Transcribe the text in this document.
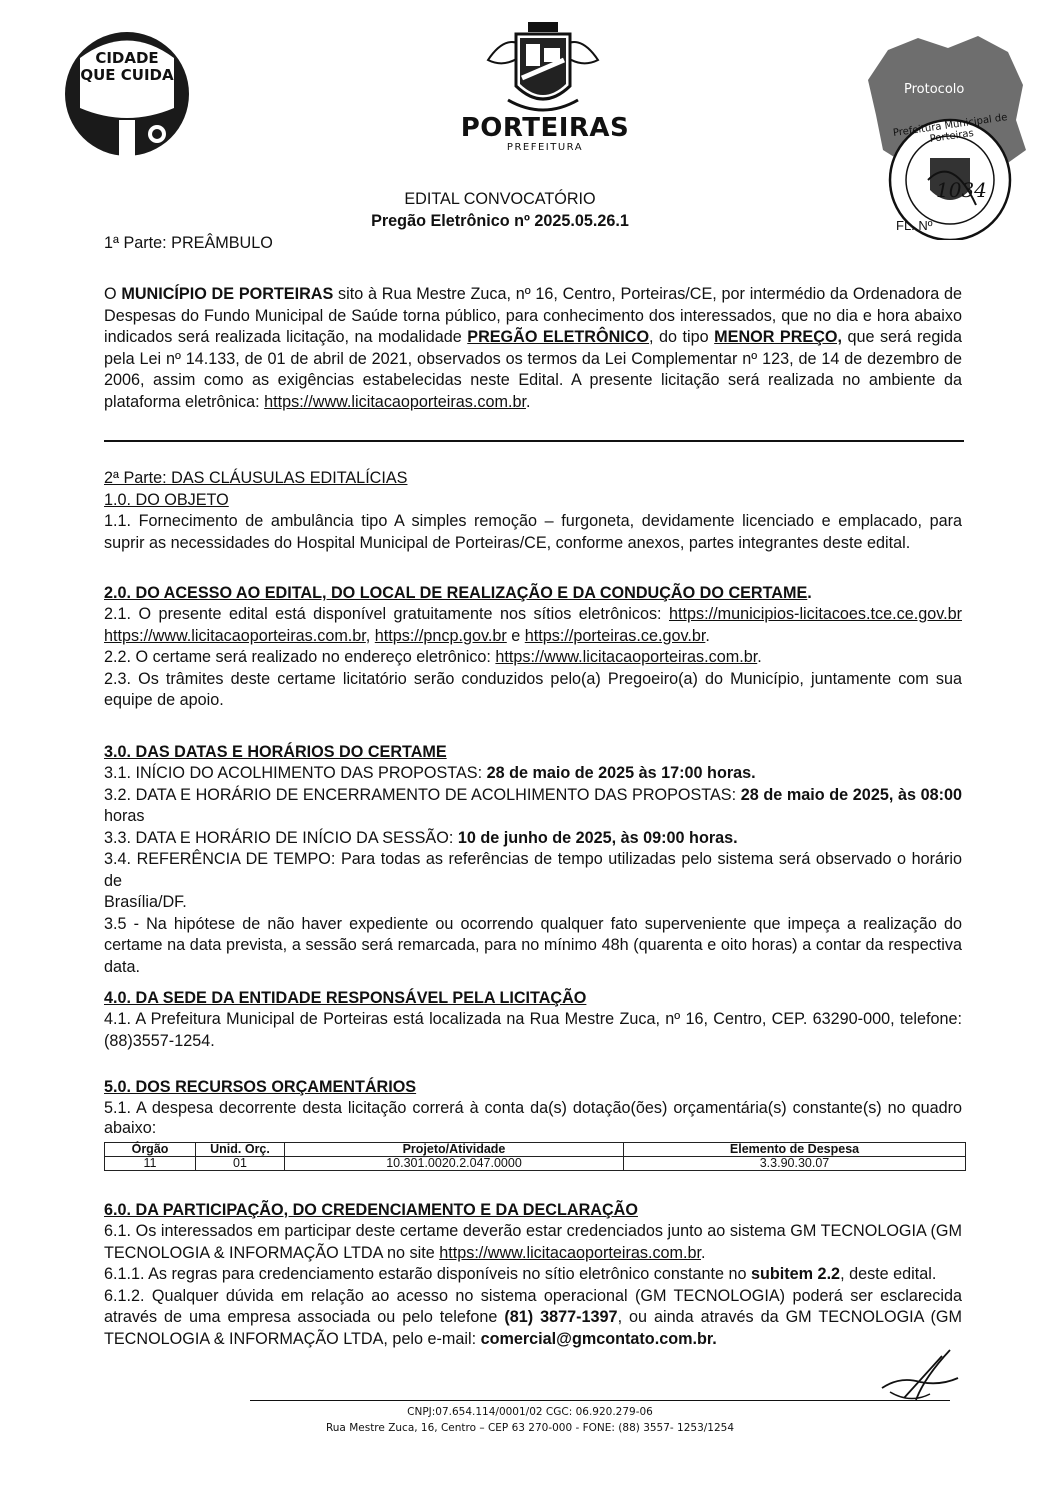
CIDADE
QUE CUIDA
PORTEIRAS
PREFEITURA
Protocolo
FL. Nº
1034
Prefeitura Municipal de Porteiras
EDITAL CONVOCATÓRIO
Pregão Eletrônico nº 2025.05.26.1
1ª Parte: PREÂMBULO
O MUNICÍPIO DE PORTEIRAS sito à Rua Mestre Zuca, nº 16, Centro, Porteiras/CE, por intermédio da Ordenadora de
Despesas do Fundo Municipal de Saúde torna público, para conhecimento dos interessados, que no dia e hora abaixo
indicados será realizada licitação, na modalidade PREGÃO ELETRÔNICO, do tipo MENOR PREÇO, que será regida
pela Lei nº 14.133, de 01 de abril de 2021, observados os termos da Lei Complementar nº 123, de 14 de dezembro de
2006, assim como as exigências estabelecidas neste Edital. A presente licitação será realizada no ambiente da
plataforma eletrônica: https://www.licitacaoporteiras.com.br.
2ª Parte: DAS CLÁUSULAS EDITALÍCIAS
1.0. DO OBJETO
1.1. Fornecimento de ambulância tipo A simples remoção – furgoneta, devidamente licenciado e emplacado, para
suprir as necessidades do Hospital Municipal de Porteiras/CE, conforme anexos, partes integrantes deste edital.
2.0. DO ACESSO AO EDITAL, DO LOCAL DE REALIZAÇÃO E DA CONDUÇÃO DO CERTAME.
2.1. O presente edital está disponível gratuitamente nos sítios eletrônicos: https://municipios-licitacoes.tce.ce.gov.br
https://www.licitacaoporteiras.com.br, https://pncp.gov.br e https://porteiras.ce.gov.br.
2.2. O certame será realizado no endereço eletrônico: https://www.licitacaoporteiras.com.br.
2.3. Os trâmites deste certame licitatório serão conduzidos pelo(a) Pregoeiro(a) do Município, juntamente com sua
equipe de apoio.
3.0. DAS DATAS E HORÁRIOS DO CERTAME
3.1. INÍCIO DO ACOLHIMENTO DAS PROPOSTAS: 28 de maio de 2025 às 17:00 horas.
3.2. DATA E HORÁRIO DE ENCERRAMENTO DE ACOLHIMENTO DAS PROPOSTAS: 28 de maio de 2025, às 08:00
horas
3.3. DATA E HORÁRIO DE INÍCIO DA SESSÃO: 10 de junho de 2025, às 09:00 horas.
3.4. REFERÊNCIA DE TEMPO: Para todas as referências de tempo utilizadas pelo sistema será observado o horário de
Brasília/DF.
3.5 - Na hipótese de não haver expediente ou ocorrendo qualquer fato superveniente que impeça a realização do
certame na data prevista, a sessão será remarcada, para no mínimo 48h (quarenta e oito horas) a contar da respectiva
data.
4.0. DA SEDE DA ENTIDADE RESPONSÁVEL PELA LICITAÇÃO
4.1. A Prefeitura Municipal de Porteiras está localizada na Rua Mestre Zuca, nº 16, Centro, CEP. 63290-000, telefone:
(88)3557-1254.
5.0. DOS RECURSOS ORÇAMENTÁRIOS
5.1. A despesa decorrente desta licitação correrá à conta da(s) dotação(ões) orçamentária(s) constante(s) no quadro
abaixo:
Órgão	Unid. Orç.	Projeto/Atividade	Elemento de Despesa
11	01	10.301.0020.2.047.0000	3.3.90.30.07
6.0. DA PARTICIPAÇÃO, DO CREDENCIAMENTO E DA DECLARAÇÃO
6.1. Os interessados em participar deste certame deverão estar credenciados junto ao sistema GM TECNOLOGIA (GM
TECNOLOGIA & INFORMAÇÃO LTDA no site https://www.licitacaoporteiras.com.br.
6.1.1. As regras para credenciamento estarão disponíveis no sítio eletrônico constante no subitem 2.2, deste edital.
6.1.2. Qualquer dúvida em relação ao acesso no sistema operacional (GM TECNOLOGIA) poderá ser esclarecida
através de uma empresa associada ou pelo telefone (81) 3877-1397, ou ainda através da GM TECNOLOGIA (GM
TECNOLOGIA & INFORMAÇÃO LTDA, pelo e-mail: comercial@gmcontato.com.br.
CNPJ:07.654.114/0001/02 CGC: 06.920.279-06
Rua Mestre Zuca, 16, Centro – CEP 63 270-000 - FONE: (88) 3557- 1253/1254
